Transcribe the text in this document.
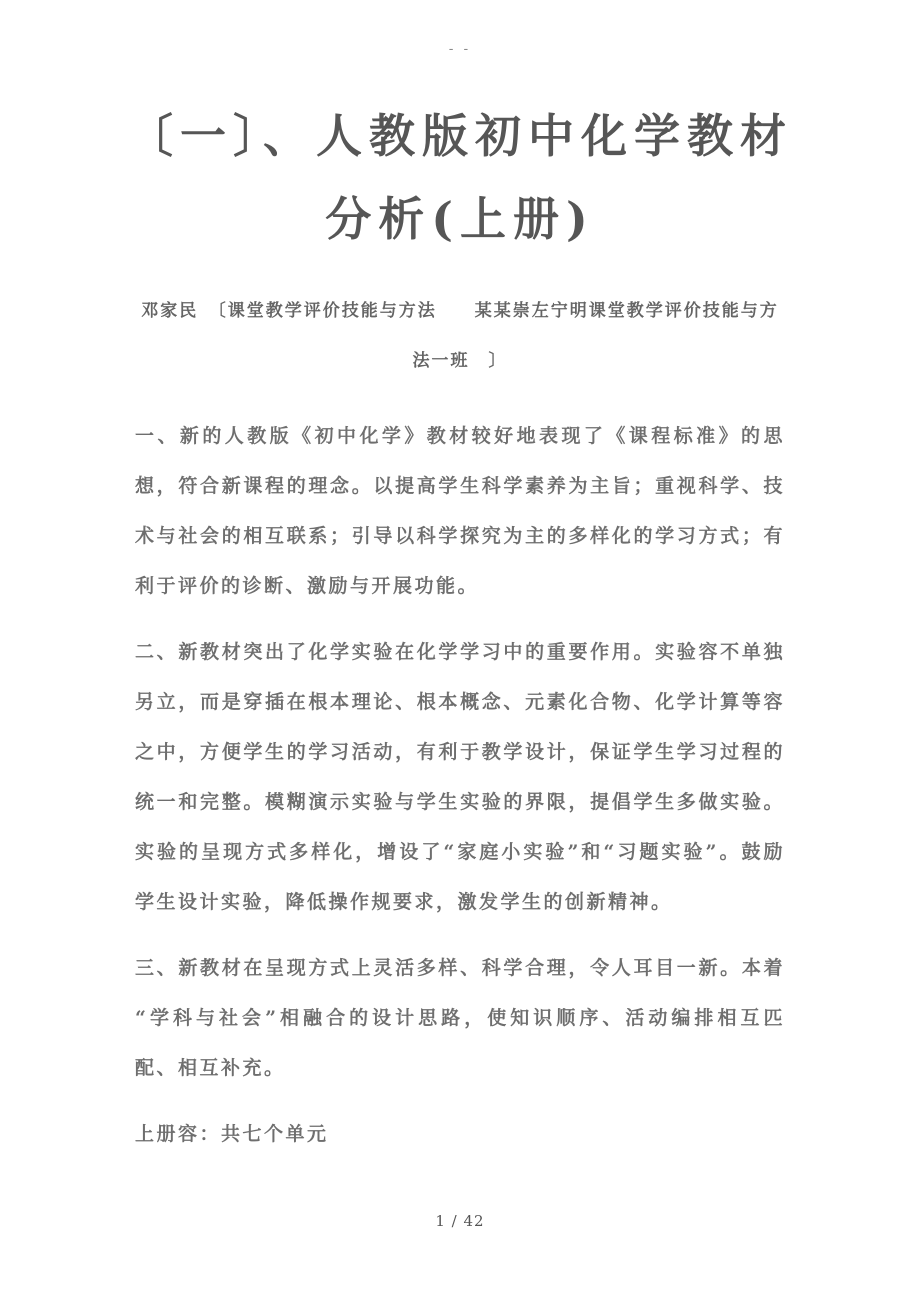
- -
〔一〕、人教版初中化学教材分析(上册)
邓家民　〔课堂教学评价技能与方法　　某某崇左宁明课堂教学评价技能与方法一班　〕

一、新的人教版《初中化学》教材较好地表现了《课程标准》的思想，符合新课程的理念。以提高学生科学素养为主旨；重视科学、技术与社会的相互联系；引导以科学探究为主的多样化的学习方式；有利于评价的诊断、激励与开展功能。

二、新教材突出了化学实验在化学学习中的重要作用。实验容不单独另立，而是穿插在根本理论、根本概念、元素化合物、化学计算等容之中，方便学生的学习活动，有利于教学设计，保证学生学习过程的统一和完整。模糊演示实验与学生实验的界限，提倡学生多做实验。实验的呈现方式多样化，增设了“家庭小实验”和“习题实验”。鼓励学生设计实验，降低操作规要求，激发学生的创新精神。

三、新教材在呈现方式上灵活多样、科学合理，令人耳目一新。本着“学科与社会”相融合的设计思路，使知识顺序、活动编排相互匹配、相互补充。

上册容：共七个单元

1 / 42
